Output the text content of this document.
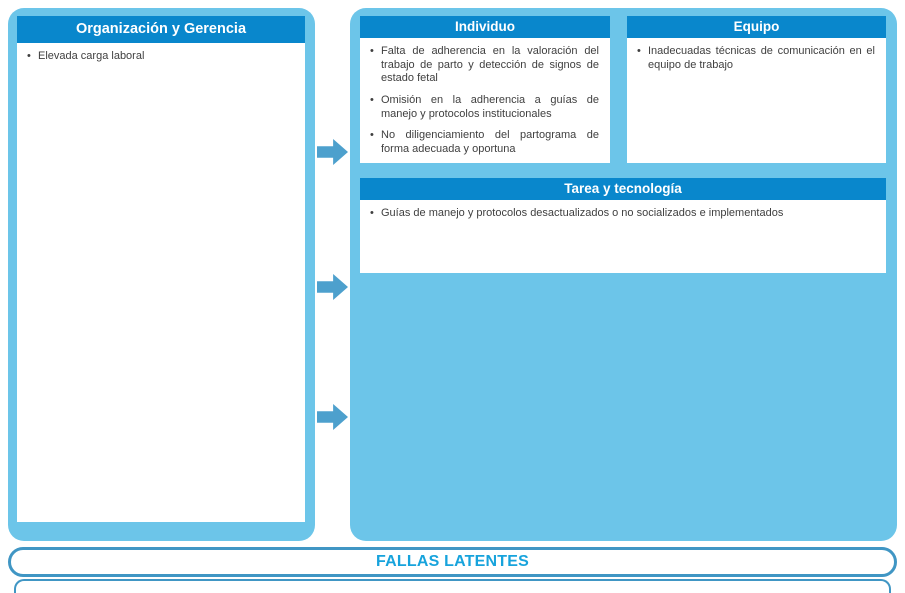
Organización y Gerencia
• Elevada carga laboral
Individuo
• Falta de adherencia en la valoración del trabajo de parto y detección de signos de estado fetal
• Omisión en la adherencia a guías de manejo y protocolos institucionales
• No diligenciamiento del partograma de forma adecuada y oportuna
Equipo
• Inadecuadas técnicas de comunicación en el equipo de trabajo
Tarea y tecnología
• Guías de manejo y protocolos desactualizados o no socializados e implementados
FALLAS LATENTES
